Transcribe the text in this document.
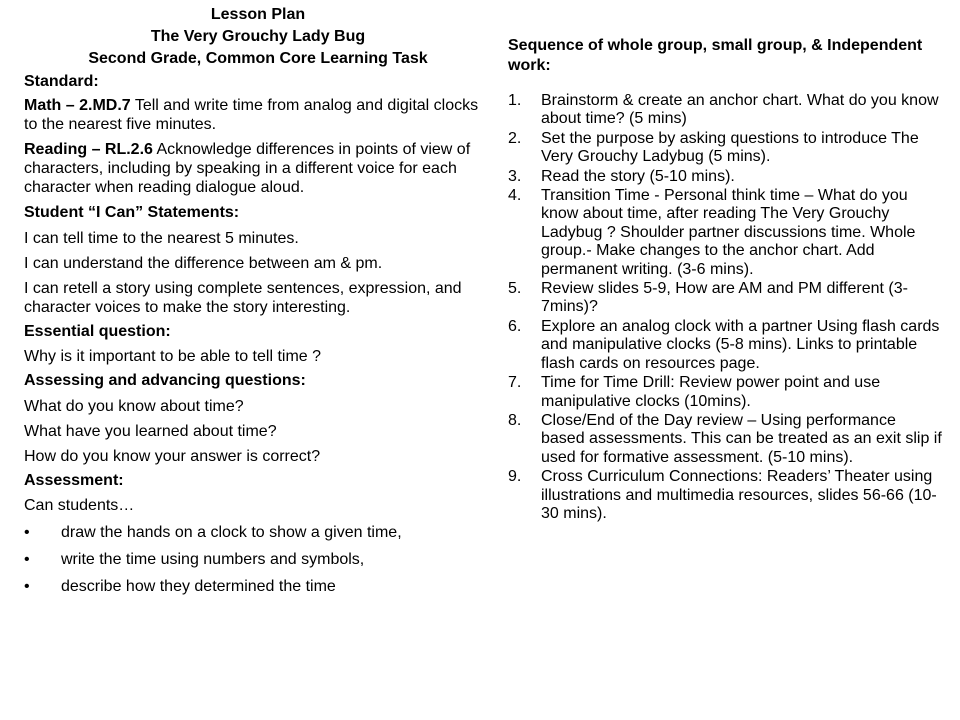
Lesson Plan
The Very Grouchy Lady Bug
Second Grade, Common Core Learning Task
Standard:
Math – 2.MD.7 Tell and write time from analog and digital clocks to the nearest five minutes.
Reading – RL.2.6 Acknowledge differences in points of view of characters, including by speaking in a different voice for each character when reading dialogue aloud.
Student “I Can” Statements:
I can tell time to the nearest 5 minutes.
I can understand the difference between am & pm.
I can retell a story using complete sentences, expression, and character voices to make the story interesting.
Essential question:
Why is it important to be able to tell time ?
Assessing and advancing questions:
What do you know about time?
What have you learned about time?
How do you know your answer is correct?
Assessment:
Can students…
•	draw the hands on a clock to show a given time,
•	write the time using numbers and symbols,
•	describe how they determined the time
Sequence of whole group, small group, & Independent work:
1.	Brainstorm & create an anchor chart. What do you know about time? (5 mins)
2.	Set the purpose by asking questions to introduce The Very Grouchy Ladybug (5 mins).
3.	Read the story (5-10 mins).
4.	Transition Time - Personal think time – What do you know about time, after reading The Very Grouchy Ladybug ? Shoulder partner discussions time. Whole group.- Make changes to the anchor chart. Add permanent writing. (3-6 mins).
5.	Review slides 5-9, How are AM and PM different (3-7mins)?
6.	Explore an analog clock with a partner Using flash cards and manipulative clocks (5-8 mins). Links to printable flash cards on resources page.
7.	Time for Time Drill: Review power point and use manipulative clocks (10mins).
8.	Close/End of the Day review – Using performance based assessments. This can be treated as an exit slip if used for formative assessment. (5-10 mins).
9.	Cross Curriculum Connections: Readers’ Theater using illustrations and multimedia resources, slides 56-66 (10-30 mins).
